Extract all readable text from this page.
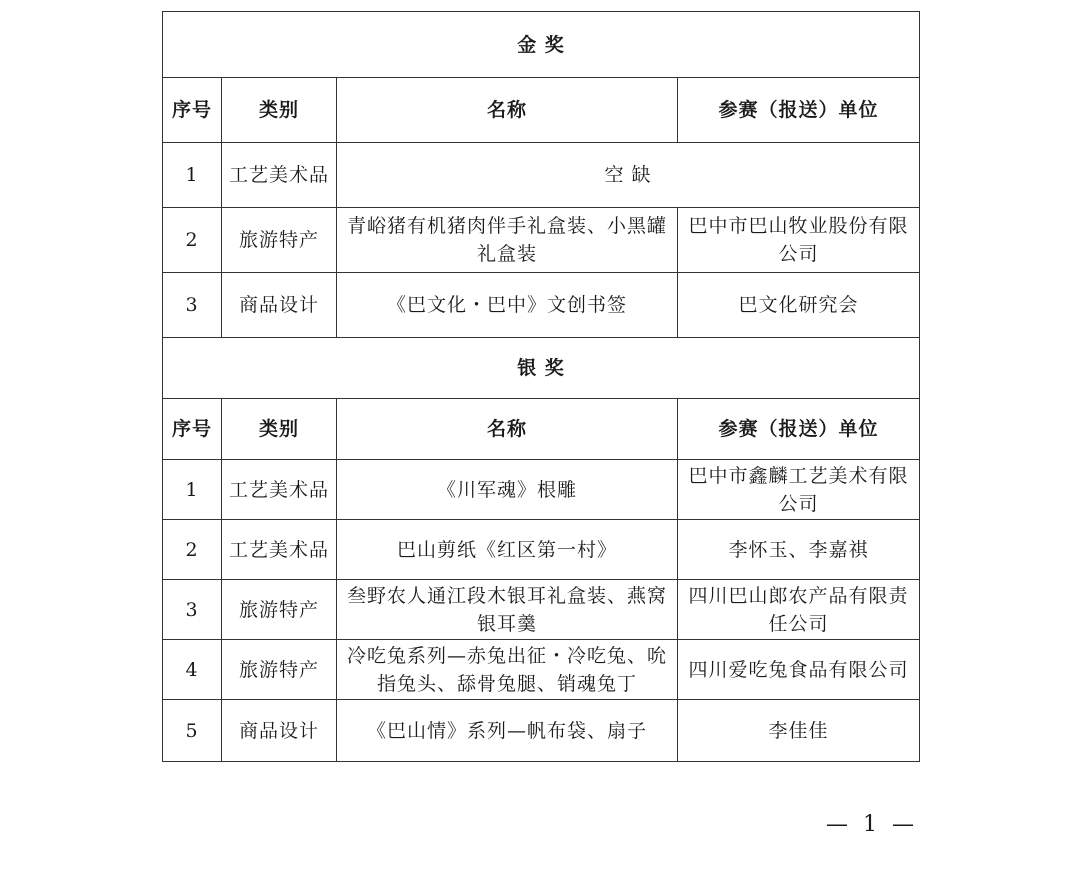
金 奖			
序号	类别	名称	参赛（报送）单位
1	工艺美术品	空 缺	
2	旅游特产	青峪猪有机猪肉伴手礼盒装、小黑罐礼盒装	巴中市巴山牧业股份有限公司
3	商品设计	《巴文化・巴中》文创书签	巴文化研究会
银 奖			
序号	类别	名称	参赛（报送）单位
1	工艺美术品	《川军魂》根雕	巴中市鑫麟工艺美术有限公司
2	工艺美术品	巴山剪纸《红区第一村》	李怀玉、李嘉祺
3	旅游特产	叁野农人通江段木银耳礼盒装、燕窝银耳羹	四川巴山郎农产品有限责任公司
4	旅游特产	冷吃兔系列—赤兔出征・冷吃兔、吮指兔头、舔骨兔腿、销魂兔丁	四川爱吃兔食品有限公司
5	商品设计	《巴山情》系列—帆布袋、扇子	李佳佳
— 1 —
